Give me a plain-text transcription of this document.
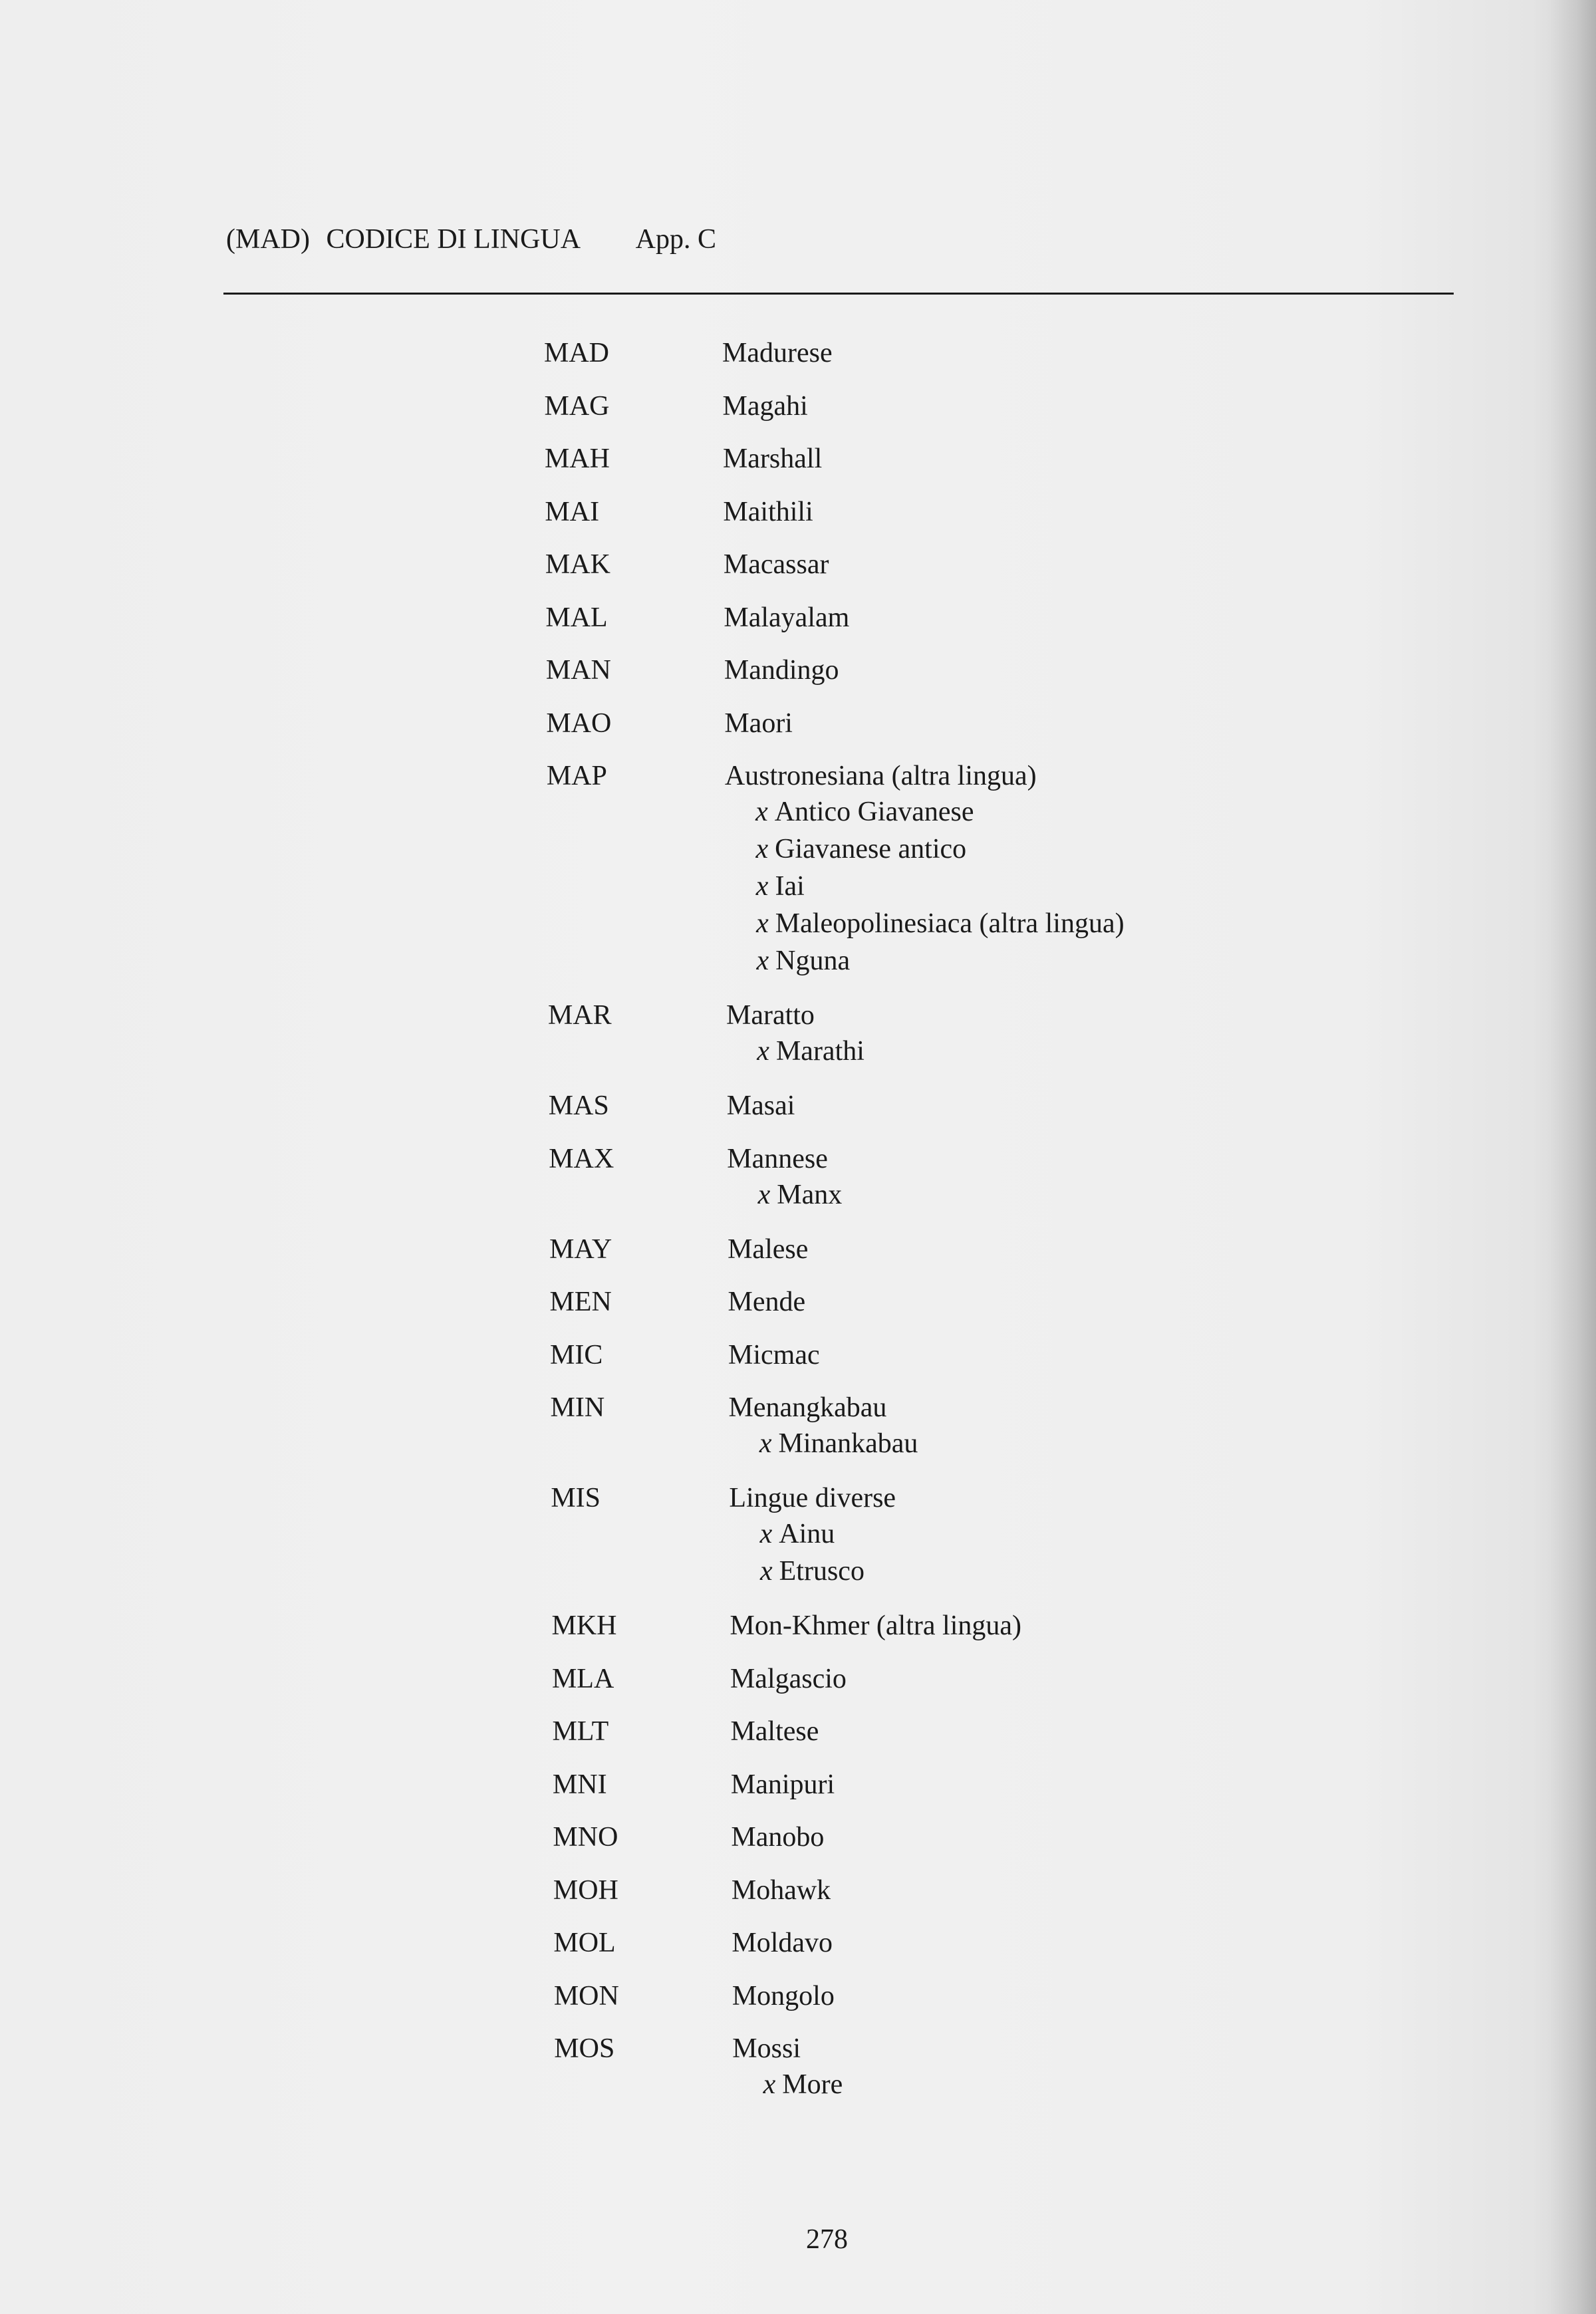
(MAD) CODICE DI LINGUA App. C
MAD	Madurese
MAG	Magahi
MAH	Marshall
MAI	Maithili
MAK	Macassar
MAL	Malayalam
MAN	Mandingo
MAO	Maori
MAP	Austronesiana (altra lingua)
x Antico Giavanese
x Giavanese antico
x Iai
x Maleopolinesiaca (altra lingua)
x Nguna
MAR	Maratto
x Marathi
MAS	Masai
MAX	Mannese
x Manx
MAY	Malese
MEN	Mende
MIC	Micmac
MIN	Menangkabau
x Minankabau
MIS	Lingue diverse
x Ainu
x Etrusco
MKH	Mon-Khmer (altra lingua)
MLA	Malgascio
MLT	Maltese
MNI	Manipuri
MNO	Manobo
MOH	Mohawk
MOL	Moldavo
MON	Mongolo
MOS	Mossi
x More
278
